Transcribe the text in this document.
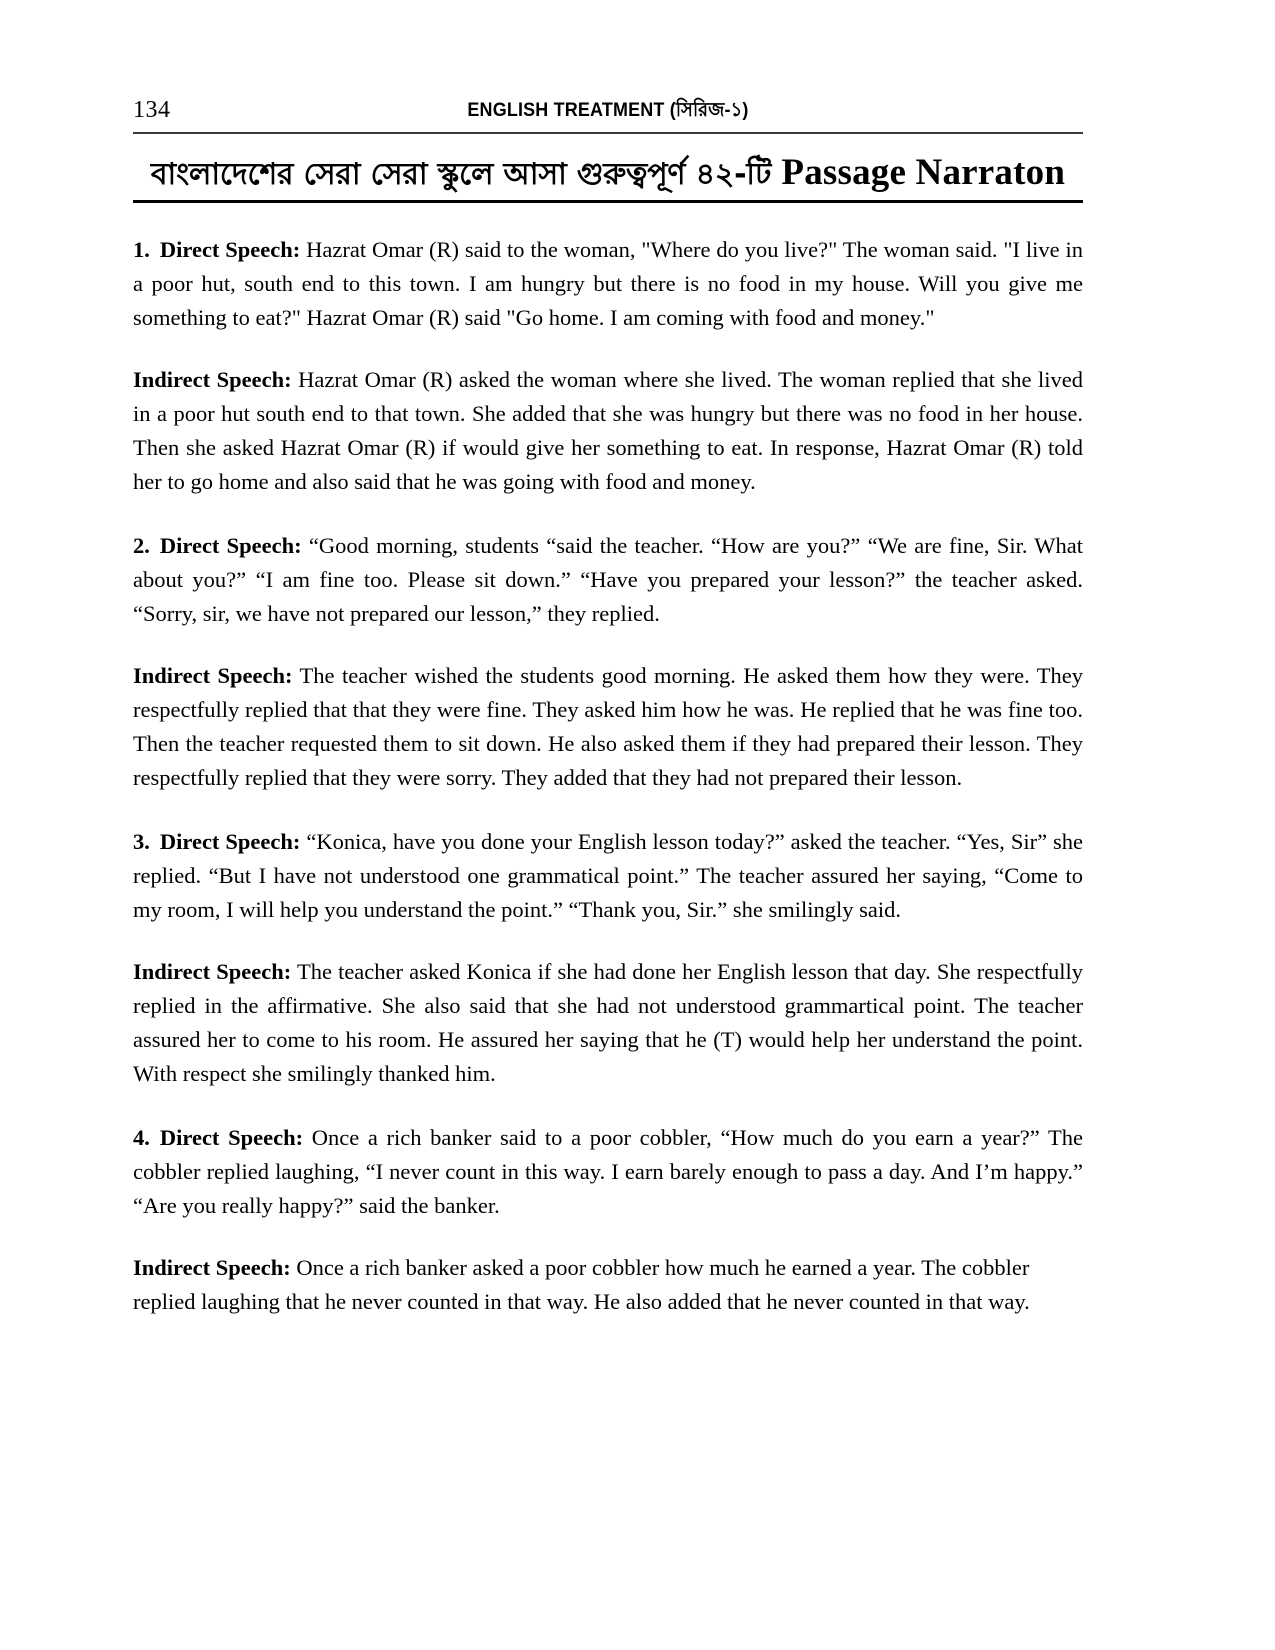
134	ENGLISH TREATMENT (সিরিজ-১)
বাংলাদেশের সেরা সেরা স্কুলে আসা গুরুত্বপূর্ণ ৪২-টি Passage Narraton

1. Direct Speech: Hazrat Omar (R) said to the woman, "Where do you live?" The woman said. "I live in a poor hut, south end to this town. I am hungry but there is no food in my house. Will you give me something to eat?" Hazrat Omar (R) said "Go home. I am coming with food and money."

Indirect Speech: Hazrat Omar (R) asked the woman where she lived. The woman replied that she lived in a poor hut south end to that town. She added that she was hungry but there was no food in her house. Then she asked Hazrat Omar (R) if would give her something to eat. In response, Hazrat Omar (R) told her to go home and also said that he was going with food and money.

2. Direct Speech: “Good morning, students “said the teacher. “How are you?” “We are fine, Sir. What about you?” “I am fine too. Please sit down.” “Have you prepared your lesson?” the teacher asked. “Sorry, sir, we have not prepared our lesson,” they replied.

Indirect Speech: The teacher wished the students good morning. He asked them how they were. They respectfully replied that that they were fine. They asked him how he was. He replied that he was fine too. Then the teacher requested them to sit down. He also asked them if they had prepared their lesson. They respectfully replied that they were sorry. They added that they had not prepared their lesson.

3. Direct Speech: “Konica, have you done your English lesson today?” asked the teacher. “Yes, Sir” she replied. “But I have not understood one grammatical point.” The teacher assured her saying, “Come to my room, I will help you understand the point.” “Thank you, Sir.” she smilingly said.

Indirect Speech: The teacher asked Konica if she had done her English lesson that day. She respectfully replied in the affirmative. She also said that she had not understood grammartical point. The teacher assured her to come to his room. He assured her saying that he (T) would help her understand the point. With respect she smilingly thanked him.

4. Direct Speech: Once a rich banker said to a poor cobbler, “How much do you earn a year?” The cobbler replied laughing, “I never count in this way. I earn barely enough to pass a day. And I’m happy.” “Are you really happy?” said the banker.

Indirect Speech: Once a rich banker asked a poor cobbler how much he earned a year. The cobbler replied laughing that he never counted in that way. He also added that he never counted in that way.
